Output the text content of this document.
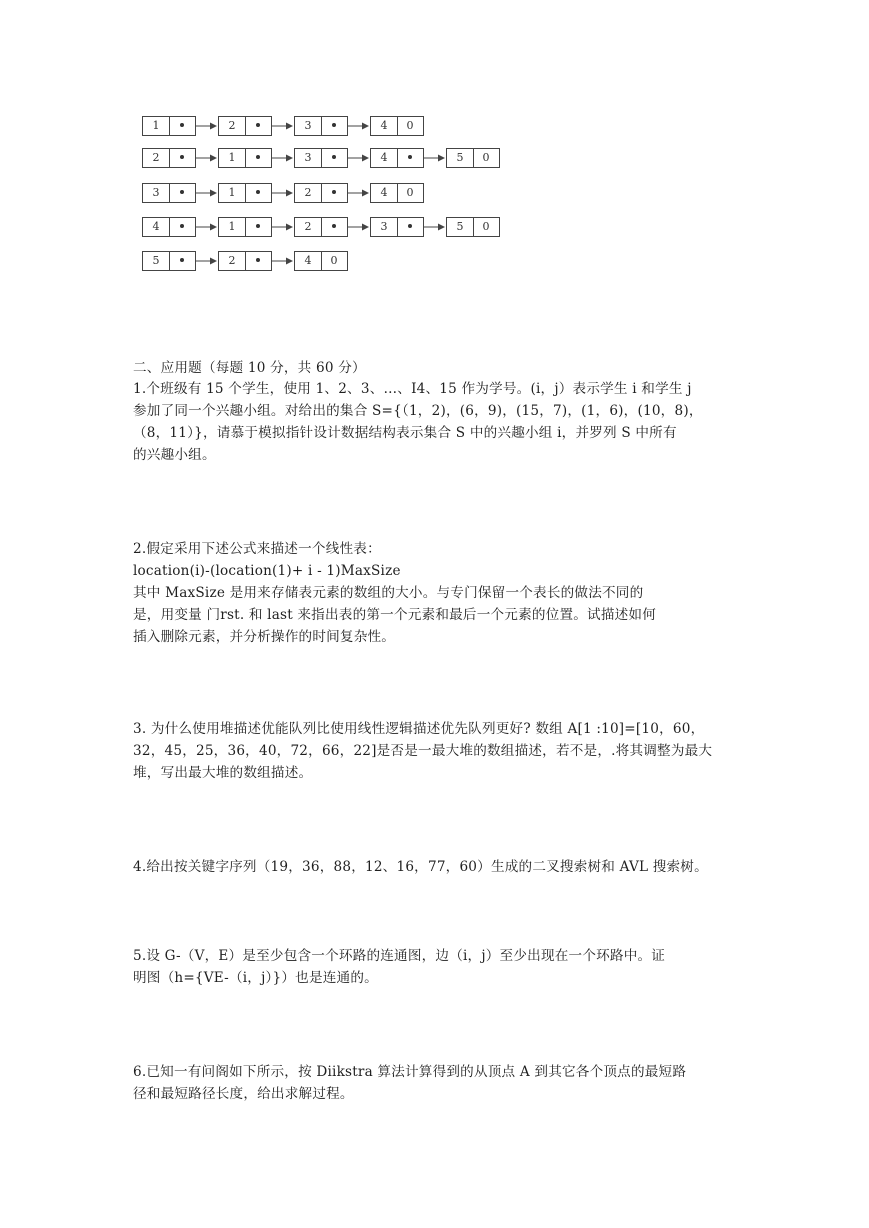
1	2	3	4	0
2	1	3	4	5	0
3	1	2	4	0
4	1	2	3	5	0
5	2	4	0
二、应用题（每题 10 分，共 60 分）
1.个班级有 15 个学生，使用 1、2、3、…、I4、15 作为学号。(i，j）表示学生 i 和学生 j
参加了同一个兴趣小组。对给出的集合 S={（1，2)，(6，9)，(15，7)，(1，6)，(10，8)，
（8，11）}，请慕于模拟指针设计数据结构表示集合 S 中的兴趣小组 i，并罗列 S 中所有
的兴趣小组。
2.假定采用下述公式来描述一个线性表：
location(i)-(location(1)+ i - 1)MaxSize
其中 MaxSize 是用来存储表元素的数组的大小。与专门保留一个表长的做法不同的
是，用变量 门rst. 和 last 来指出表的第一个元素和最后一个元素的位置。试描述如何
插入删除元素，并分析操作的时间复杂性。
3. 为什么使用堆描述优能队列比使用线性逻辑描述优先队列更好? 数组 A[1 :10]=[10，60，
32，45，25，36，40，72，66，22]是否是一最大堆的数组描述，若不是，.将其调整为最大
堆，写出最大堆的数组描述。
4.给出按关键字序列（19，36，88，12、16，77，60）生成的二叉搜索树和 AVL 搜索树。
5.设 G-（V，E）是至少包含一个环路的连通图，边（i，j）至少出现在一个环路中。证
明图（h={VE-（i，j）}）也是连通的。
6.已知一有问阁如下所示，按 Diikstra 算法计算得到的从顶点 A 到其它各个顶点的最短路
径和最短路径长度，给出求解过程。
